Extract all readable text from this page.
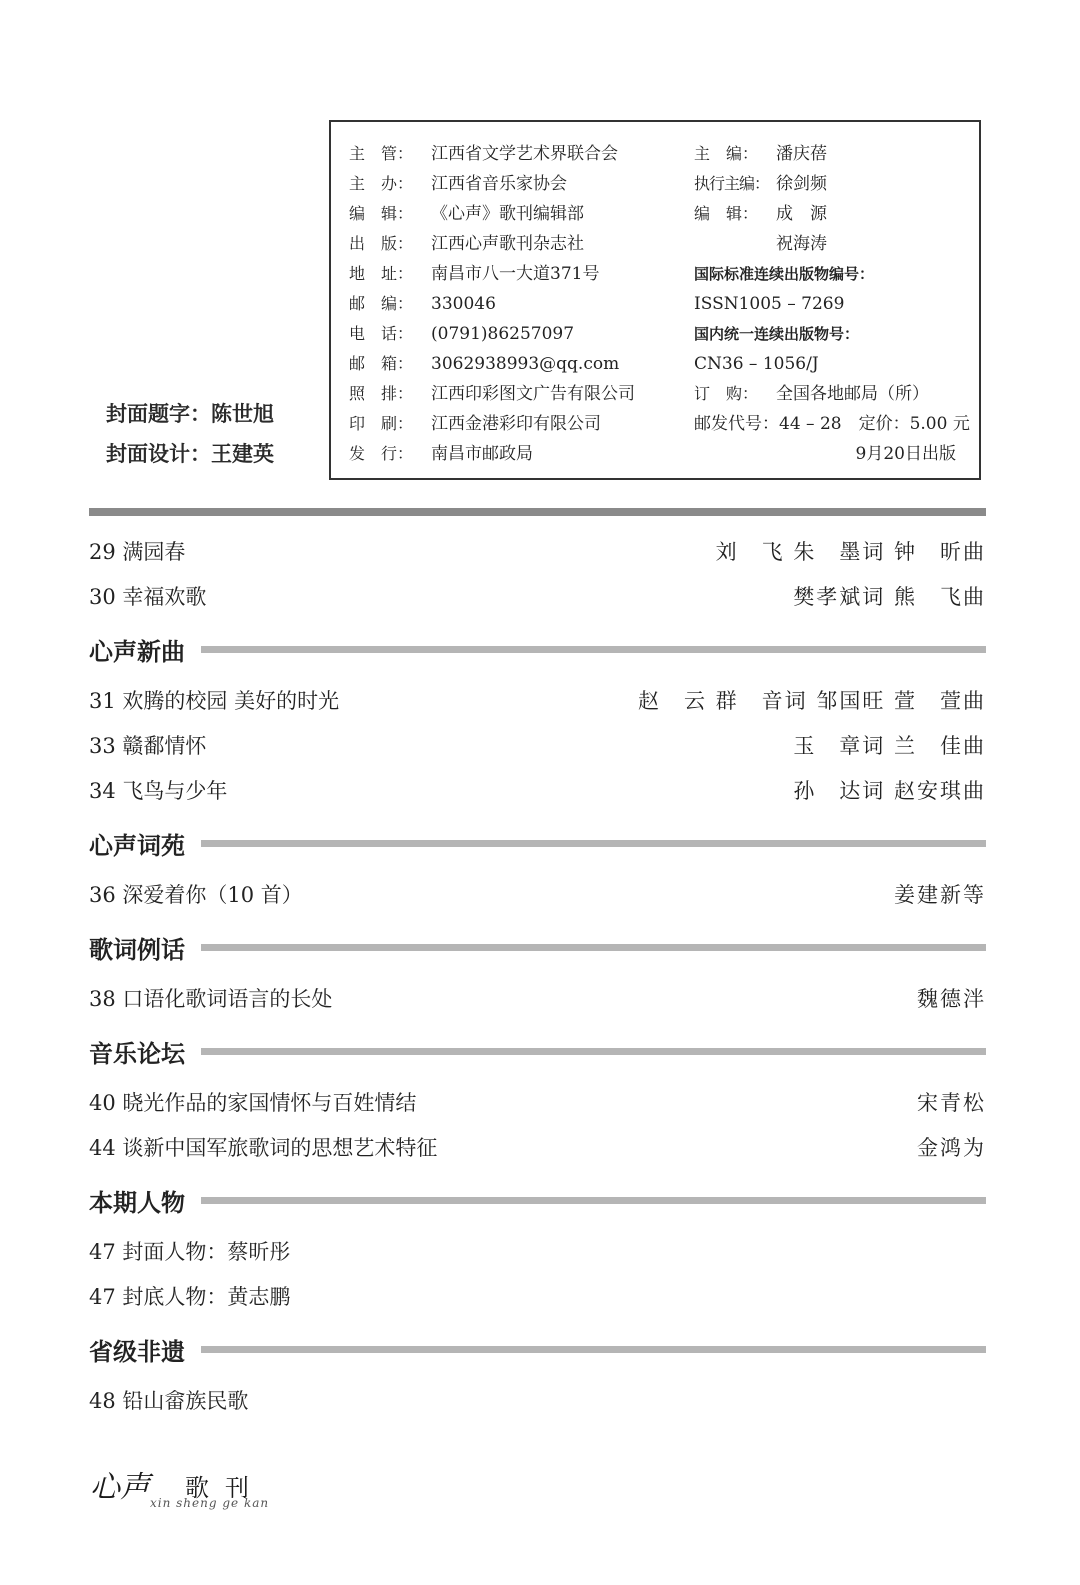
封面题字：陈世旭
封面设计：王建英
主　管： 江西省文学艺术界联合会
主　办： 江西省音乐家协会
编　辑： 《心声》歌刊编辑部
出　版： 江西心声歌刊杂志社
地　址： 南昌市八一大道371号
邮　编： 330046
电　话： (0791)86257097
邮　箱： 3062938993@qq.com
照　排： 江西印彩图文广告有限公司
印　刷： 江西金港彩印有限公司
发　行： 南昌市邮政局
主　编： 潘庆蓓
执行主编： 徐剑频
编　辑： 成　源
祝海涛
国际标准连续出版物编号：
ISSN1005 – 7269
国内统一连续出版物号：
CN36 – 1056/J
订　购： 全国各地邮局（所）
邮发代号：44 – 28　定价：5.00 元
9月20日出版
29 满园春	刘　飞 朱　墨词 钟　昕曲
30 幸福欢歌	樊孝斌词 熊　飞曲
心声新曲
31 欢腾的校园 美好的时光	赵　云 群　音词 邹国旺 萱　萱曲
33 赣鄱情怀	玉　章词 兰　佳曲
34 飞鸟与少年	孙　达词 赵安琪曲
心声词苑
36 深爱着你（10 首）	姜建新等
歌词例话
38 口语化歌词语言的长处	魏德泮
音乐论坛
40 晓光作品的家国情怀与百姓情结	宋青松
44 谈新中国军旅歌词的思想艺术特征	金鸿为
本期人物
47 封面人物：蔡昕彤
47 封底人物：黄志鹏
省级非遗
48 铅山畲族民歌
心声 歌刊
xin sheng ge kan
